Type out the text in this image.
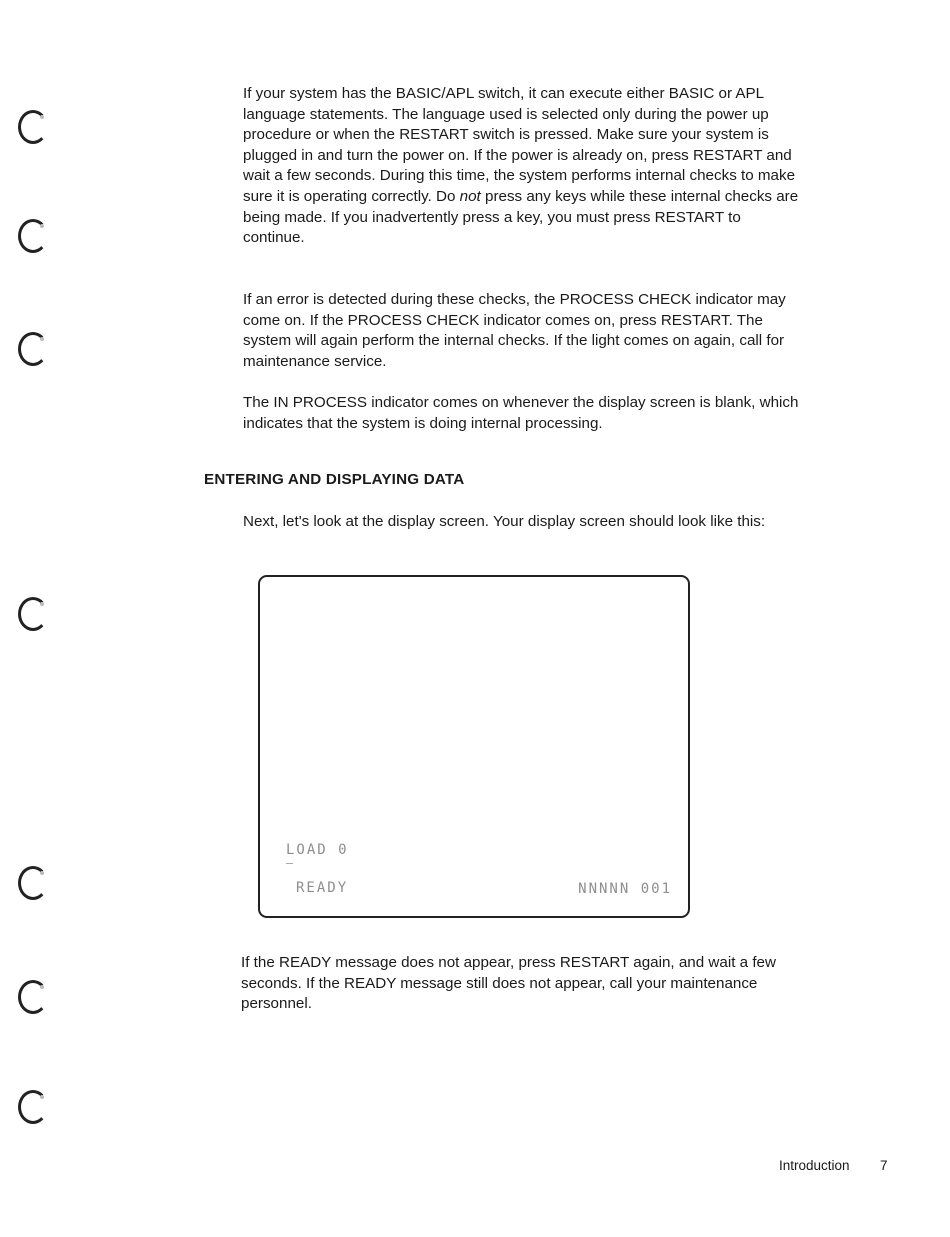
If your system has the BASIC/APL switch, it can execute either BASIC or APL language statements. The language used is selected only during the power up procedure or when the RESTART switch is pressed. Make sure your system is plugged in and turn the power on. If the power is already on, press RESTART and wait a few seconds. During this time, the system performs internal checks to make sure it is operating correctly. Do not press any keys while these internal checks are being made. If you inadvertently press a key, you must press RESTART to continue.

If an error is detected during these checks, the PROCESS CHECK indicator may come on. If the PROCESS CHECK indicator comes on, press RESTART. The system will again perform the internal checks. If the light comes on again, call for maintenance service.

The IN PROCESS indicator comes on whenever the display screen is blank, which indicates that the system is doing internal processing.

ENTERING AND DISPLAYING DATA

Next, let's look at the display screen. Your display screen should look like this:

LOAD 0
READY	NNNNN 001

If the READY message does not appear, press RESTART again, and wait a few seconds. If the READY message still does not appear, call your maintenance personnel.

Introduction 7
